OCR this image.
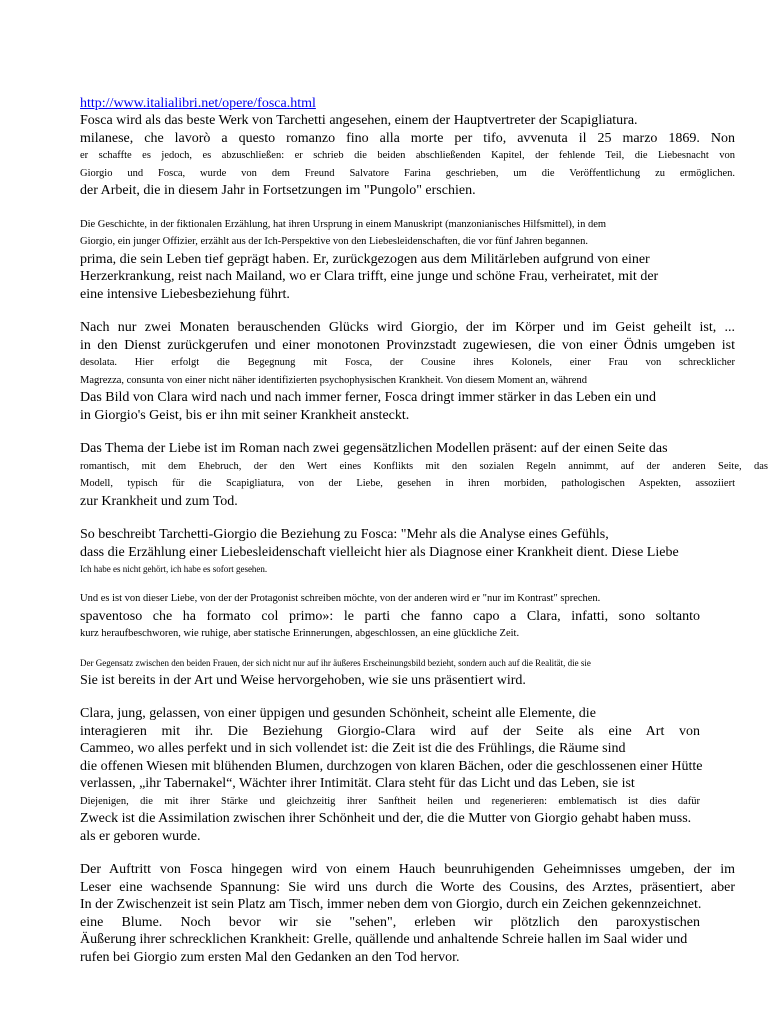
http://www.italialibri.net/opere/fosca.html
Fosca wird als das beste Werk von Tarchetti angesehen, einem der Hauptvertreter der Scapigliatura.
milanese, che lavorò a questo romanzo fino alla morte per tifo, avvenuta il 25 marzo 1869. Non
er schaffte es jedoch, es abzuschließen: er schrieb die beiden abschließenden Kapitel, der fehlende Teil, die Liebesnacht von
Giorgio und Fosca, wurde von dem Freund Salvatore Farina geschrieben, um die Veröffentlichung zu ermöglichen.
der Arbeit, die in diesem Jahr in Fortsetzungen im "Pungolo" erschien.
Die Geschichte, in der fiktionalen Erzählung, hat ihren Ursprung in einem Manuskript (manzonianisches Hilfsmittel), in dem
Giorgio, ein junger Offizier, erzählt aus der Ich-Perspektive von den Liebesleidenschaften, die vor fünf Jahren begannen.
prima, die sein Leben tief geprägt haben. Er, zurückgezogen aus dem Militärleben aufgrund von einer
Herzerkrankung, reist nach Mailand, wo er Clara trifft, eine junge und schöne Frau, verheiratet, mit der
eine intensive Liebesbeziehung führt.
Nach nur zwei Monaten berauschenden Glücks wird Giorgio, der im Körper und im Geist geheilt ist, ...
in den Dienst zurückgerufen und einer monotonen Provinzstadt zugewiesen, die von einer Ödnis umgeben ist
desolata. Hier erfolgt die Begegnung mit Fosca, der Cousine ihres Kolonels, einer Frau von schrecklicher
Magrezza, consunta von einer nicht näher identifizierten psychophysischen Krankheit. Von diesem Moment an, während
Das Bild von Clara wird nach und nach immer ferner, Fosca dringt immer stärker in das Leben ein und
in Giorgio's Geist, bis er ihn mit seiner Krankheit ansteckt.
Das Thema der Liebe ist im Roman nach zwei gegensätzlichen Modellen präsent: auf der einen Seite das
romantisch, mit dem Ehebruch, der den Wert eines Konflikts mit den sozialen Regeln annimmt, auf der anderen Seite, das
Modell, typisch für die Scapigliatura, von der Liebe, gesehen in ihren morbiden, pathologischen Aspekten, assoziiert
zur Krankheit und zum Tod.
So beschreibt Tarchetti-Giorgio die Beziehung zu Fosca: "Mehr als die Analyse eines Gefühls,
dass die Erzählung einer Liebesleidenschaft vielleicht hier als Diagnose einer Krankheit dient. Diese Liebe
Ich habe es nicht gehört, ich habe es sofort gesehen.
Und es ist von dieser Liebe, von der der Protagonist schreiben möchte, von der anderen wird er "nur im Kontrast" sprechen.
spaventoso che ha formato col primo»: le parti che fanno capo a Clara, infatti, sono soltanto
kurz heraufbeschworen, wie ruhige, aber statische Erinnerungen, abgeschlossen, an eine glückliche Zeit.
Der Gegensatz zwischen den beiden Frauen, der sich nicht nur auf ihr äußeres Erscheinungsbild bezieht, sondern auch auf die Realität, die sie
Sie ist bereits in der Art und Weise hervorgehoben, wie sie uns präsentiert wird.
Clara, jung, gelassen, von einer üppigen und gesunden Schönheit, scheint alle Elemente, die
interagieren mit ihr. Die Beziehung Giorgio-Clara wird auf der Seite als eine Art von
Cammeo, wo alles perfekt und in sich vollendet ist: die Zeit ist die des Frühlings, die Räume sind
die offenen Wiesen mit blühenden Blumen, durchzogen von klaren Bächen, oder die geschlossenen einer Hütte
verlassen, „ihr Tabernakel“, Wächter ihrer Intimität. Clara steht für das Licht und das Leben, sie ist
Diejenigen, die mit ihrer Stärke und gleichzeitig ihrer Sanftheit heilen und regenerieren: emblematisch ist dies dafür
Zweck ist die Assimilation zwischen ihrer Schönheit und der, die die Mutter von Giorgio gehabt haben muss.
als er geboren wurde.
Der Auftritt von Fosca hingegen wird von einem Hauch beunruhigenden Geheimnisses umgeben, der im
Leser eine wachsende Spannung: Sie wird uns durch die Worte des Cousins, des Arztes, präsentiert, aber
In der Zwischenzeit ist sein Platz am Tisch, immer neben dem von Giorgio, durch ein Zeichen gekennzeichnet.
eine Blume. Noch bevor wir sie "sehen", erleben wir plötzlich den paroxystischen
Äußerung ihrer schrecklichen Krankheit: Grelle, quällende und anhaltende Schreie hallen im Saal wider und
rufen bei Giorgio zum ersten Mal den Gedanken an den Tod hervor.
